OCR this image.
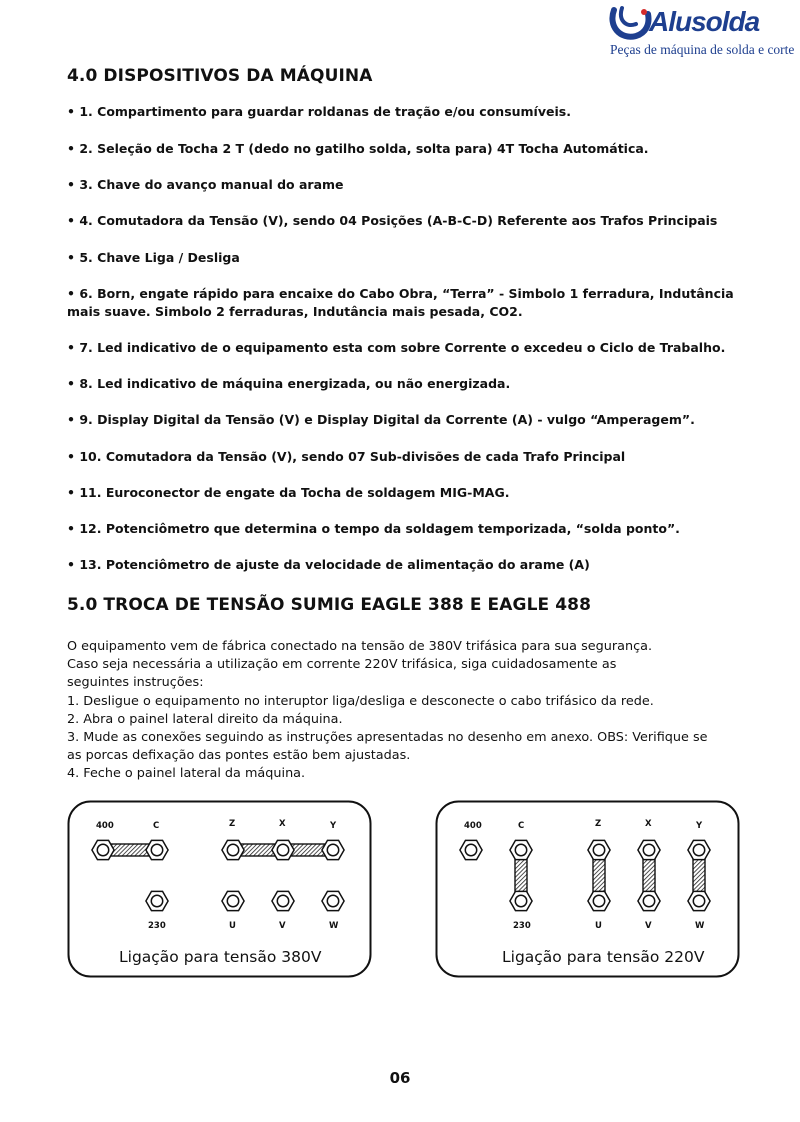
Alusolda
Peças de máquina de solda e corte
4.0 DISPOSITIVOS DA MÁQUINA
• 1. Compartimento para guardar roldanas de tração e/ou consumíveis.
• 2. Seleção de Tocha 2 T (dedo no gatilho solda, solta para) 4T Tocha Automática.
• 3. Chave do avanço manual do arame
• 4. Comutadora da Tensão (V), sendo 04 Posições (A-B-C-D) Referente aos Trafos Principais
• 5. Chave Liga / Desliga
• 6. Born, engate rápido para encaixe do Cabo Obra, “Terra” - Simbolo 1 ferradura, Indutância mais suave. Simbolo 2 ferraduras, Indutância mais pesada, CO2.
• 7. Led indicativo de o equipamento esta com sobre Corrente o excedeu o Ciclo de Trabalho.
• 8. Led indicativo de máquina energizada, ou não energizada.
• 9. Display Digital da Tensão (V) e Display Digital da Corrente (A) - vulgo “Amperagem”.
• 10. Comutadora da Tensão (V), sendo 07 Sub-divisões de cada Trafo Principal
• 11. Euroconector de engate da Tocha de soldagem MIG-MAG.
• 12. Potenciômetro que determina o tempo da soldagem temporizada, “solda ponto”.
• 13. Potenciômetro de ajuste da velocidade de alimentação do arame (A)
5.0 TROCA DE TENSÃO SUMIG EAGLE 388 E EAGLE 488
O equipamento vem de fábrica conectado na tensão de 380V trifásica para sua segurança.
Caso seja necessária a utilização em corrente 220V trifásica, siga cuidadosamente as
seguintes instruções:
1. Desligue o equipamento no interuptor liga/desliga e desconecte o cabo trifásico da rede.
2. Abra o painel lateral direito da máquina.
3. Mude as conexões seguindo as instruções apresentadas no desenho em anexo. OBS: Verifique se
as porcas defixação das pontes estão bem ajustadas.
4. Feche o painel lateral da máquina.
400	C	Z	X	Y
230	U	V	W
Ligação para tensão 380V
400	C	Z	X	Y
230	U	V	W
Ligação para tensão 220V
06
